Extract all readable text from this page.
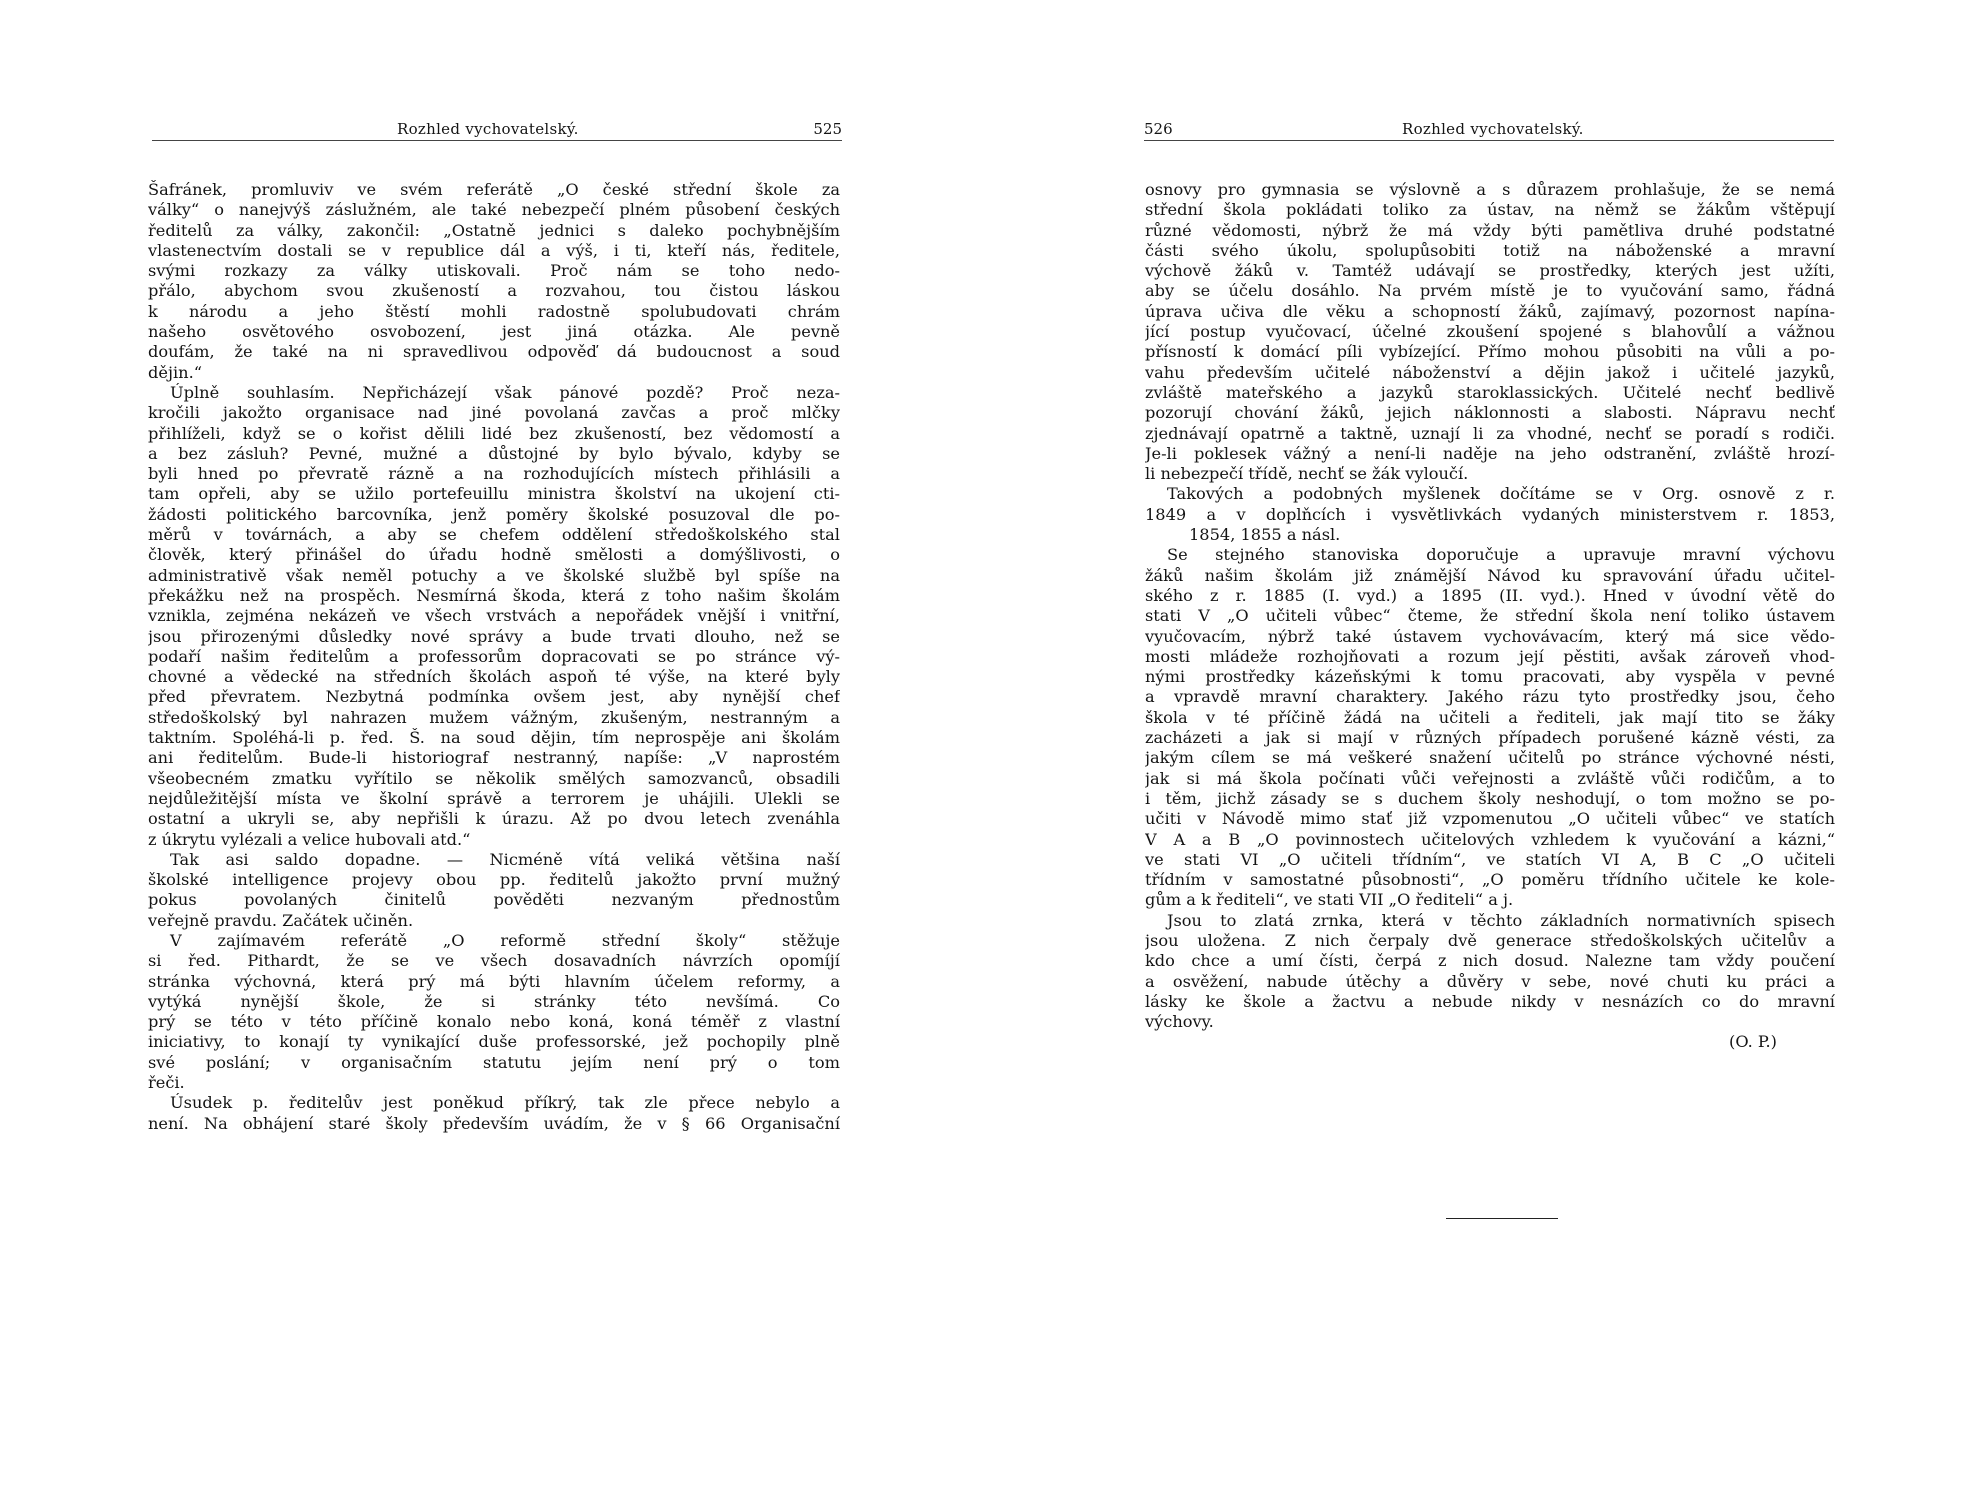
Rozhled vychovatelský.	525
Šafránek, promluviv ve svém referátě „O české střední škole za
války“ o nanejvýš záslužném, ale také nebezpečí plném působení českých
ředitelů za války, zakončil: „Ostatně jednici s daleko pochybnějším
vlastenectvím dostali se v republice dál a výš, i ti, kteří nás, ředitele,
svými rozkazy za války utiskovali. Proč nám se toho nedo-
přálo, abychom svou zkušeností a rozvahou, tou čistou láskou
k národu a jeho štěstí mohli radostně spolubudovati chrám
našeho osvětového osvobození, jest jiná otázka. Ale pevně
doufám, že také na ni spravedlivou odpověď dá budoucnost a soud
dějin.“
Úplně souhlasím. Nepřicházejí však pánové pozdě? Proč neza-
kročili jakožto organisace nad jiné povolaná zavčas a proč mlčky
přihlíželi, když se o kořist dělili lidé bez zkušeností, bez vědomostí a
a bez zásluh? Pevné, mužné a důstojné by bylo bývalo, kdyby se
byli hned po převratě rázně a na rozhodujících místech přihlásili a
tam opřeli, aby se užilo portefeuillu ministra školství na ukojení cti-
žádosti politického barcovníka, jenž poměry školské posuzoval dle po-
měrů v továrnách, a aby se chefem oddělení středoškolského stal
člověk, který přinášel do úřadu hodně smělosti a domýšlivosti, o
administrativě však neměl potuchy a ve školské službě byl spíše na
překážku než na prospěch. Nesmírná škoda, která z toho našim školám
vznikla, zejména nekázeň ve všech vrstvách a nepořádek vnější i vnitřní,
jsou přirozenými důsledky nové správy a bude trvati dlouho, než se
podaří našim ředitelům a professorům dopracovati se po stránce vý-
chovné a vědecké na středních školách aspoň té výše, na které byly
před převratem. Nezbytná podmínka ovšem jest, aby nynější chef
středoškolský byl nahrazen mužem vážným, zkušeným, nestranným a
taktním. Spoléhá-li p. řed. Š. na soud dějin, tím neprospěje ani školám
ani ředitelům. Bude-li historiograf nestranný, napíše: „V naprostém
všeobecném zmatku vyřítilo se několik smělých samozvanců, obsadili
nejdůležitější místa ve školní správě a terrorem je uhájili. Ulekli se
ostatní a ukryli se, aby nepřišli k úrazu. Až po dvou letech zvenáhla
z úkrytu vylézali a velice hubovali atd.“
Tak asi saldo dopadne. — Nicméně vítá veliká většina naší
školské intelligence projevy obou pp. ředitelů jakožto první mužný
pokus povolaných činitelů pověděti nezvaným přednostům
veřejně pravdu. Začátek učiněn.
V zajímavém referátě „O reformě střední školy“ stěžuje
si řed. Pithardt, že se ve všech dosavadních návrzích opomíjí
stránka výchovná, která prý má býti hlavním účelem reformy, a
vytýká nynější škole, že si stránky této nevšímá. Co
prý se této v této příčině konalo nebo koná, koná téměř z vlastní
iniciativy, to konají ty vynikající duše professorské, jež pochopily plně
své poslání; v organisačním statutu jejím není prý o tom
řeči.
Úsudek p. ředitelův jest poněkud příkrý, tak zle přece nebylo a
není. Na obhájení staré školy především uvádím, že v § 66 Organisační
526	Rozhled vychovatelský.
osnovy pro gymnasia se výslovně a s důrazem prohlašuje, že se nemá
střední škola pokládati toliko za ústav, na němž se žákům vštěpují
různé vědomosti, nýbrž že má vždy býti pamětliva druhé podstatné
části svého úkolu, spolupůsobiti totiž na náboženské a mravní
výchově žáků v. Tamtéž udávají se prostředky, kterých jest užíti,
aby se účelu dosáhlo. Na prvém místě je to vyučování samo, řádná
úprava učiva dle věku a schopností žáků, zajímavý, pozornost napína-
jící postup vyučovací, účelné zkoušení spojené s blahovůlí a vážnou
přísností k domácí píli vybízející. Přímo mohou působiti na vůli a po-
vahu především učitelé náboženství a dějin jakož i učitelé jazyků,
zvláště mateřského a jazyků staroklassických. Učitelé nechť bedlivě
pozorují chování žáků, jejich náklonnosti a slabosti. Nápravu nechť
zjednávají opatrně a taktně, uznají li za vhodné, nechť se poradí s rodiči.
Je-li poklesek vážný a není-li naděje na jeho odstranění, zvláště hrozí-
li nebezpečí třídě, nechť se žák vyloučí.
Takových a podobných myšlenek dočítáme se v Org. osnově z r.
1849 a v doplňcích i vysvětlivkách vydaných ministerstvem r. 1853,
1854, 1855 a násl.
Se stejného stanoviska doporučuje a upravuje mravní výchovu
žáků našim školám již známější Návod ku spravování úřadu učitel-
ského z r. 1885 (I. vyd.) a 1895 (II. vyd.). Hned v úvodní větě do
stati V „O učiteli vůbec“ čteme, že střední škola není toliko ústavem
vyučovacím, nýbrž také ústavem vychovávacím, který má sice vědo-
mosti mládeže rozhojňovati a rozum její pěstiti, avšak zároveň vhod-
nými prostředky kázeňskými k tomu pracovati, aby vyspěla v pevné
a vpravdě mravní charaktery. Jakého rázu tyto prostředky jsou, čeho
škola v té příčině žádá na učiteli a řediteli, jak mají tito se žáky
zacházeti a jak si mají v různých případech porušené kázně vésti, za
jakým cílem se má veškeré snažení učitelů po stránce výchovné nésti,
jak si má škola počínati vůči veřejnosti a zvláště vůči rodičům, a to
i těm, jichž zásady se s duchem školy neshodují, o tom možno se po-
učiti v Návodě mimo stať již vzpomenutou „O učiteli vůbec“ ve statích
V A a B „O povinnostech učitelových vzhledem k vyučování a kázni,“
ve stati VI „O učiteli třídním“, ve statích VI A, B C „O učiteli
třídním v samostatné působnosti“, „O poměru třídního učitele ke kole-
gům a k řediteli“, ve stati VII „O řediteli“ a j.
Jsou to zlatá zrnka, která v těchto základních normativních spisech
jsou uložena. Z nich čerpaly dvě generace středoškolských učitelův a
kdo chce a umí čísti, čerpá z nich dosud. Nalezne tam vždy poučení
a osvěžení, nabude útěchy a důvěry v sebe, nové chuti ku práci a
lásky ke škole a žactvu a nebude nikdy v nesnázích co do mravní
výchovy.
(O. P.)
